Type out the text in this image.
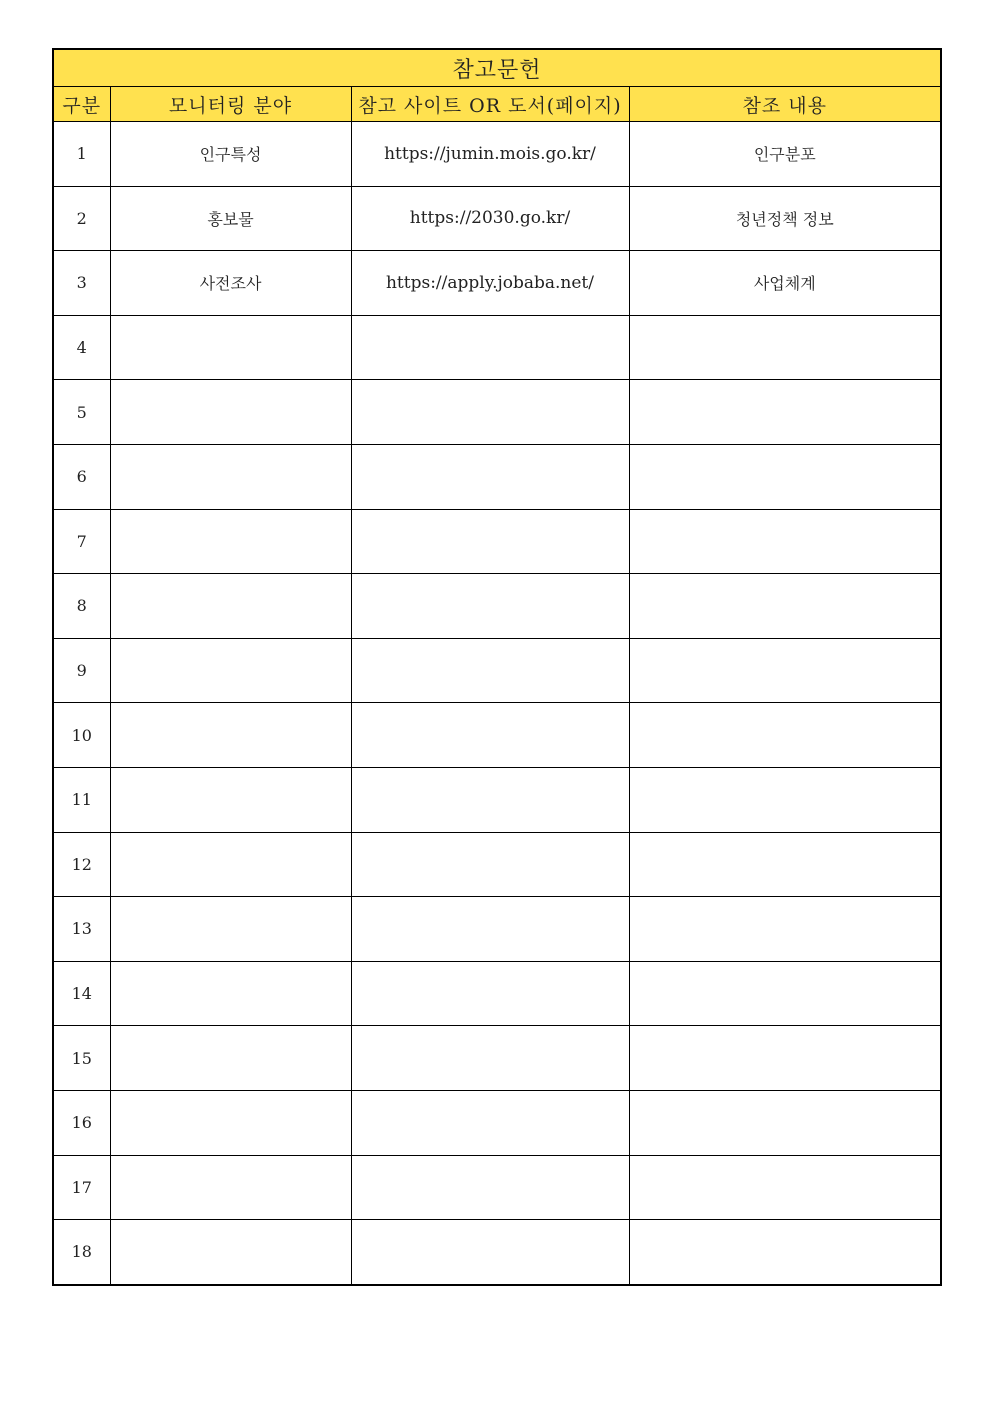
참고문헌			
구분	모니터링 분야	참고 사이트 OR 도서(페이지)	참조 내용
1	인구특성	https://jumin.mois.go.kr/	인구분포
2	홍보물	https://2030.go.kr/	청년정책 정보
3	사전조사	https://apply.jobaba.net/	사업체계
4			
5			
6			
7			
8			
9			
10			
11			
12			
13			
14			
15			
16			
17			
18			
